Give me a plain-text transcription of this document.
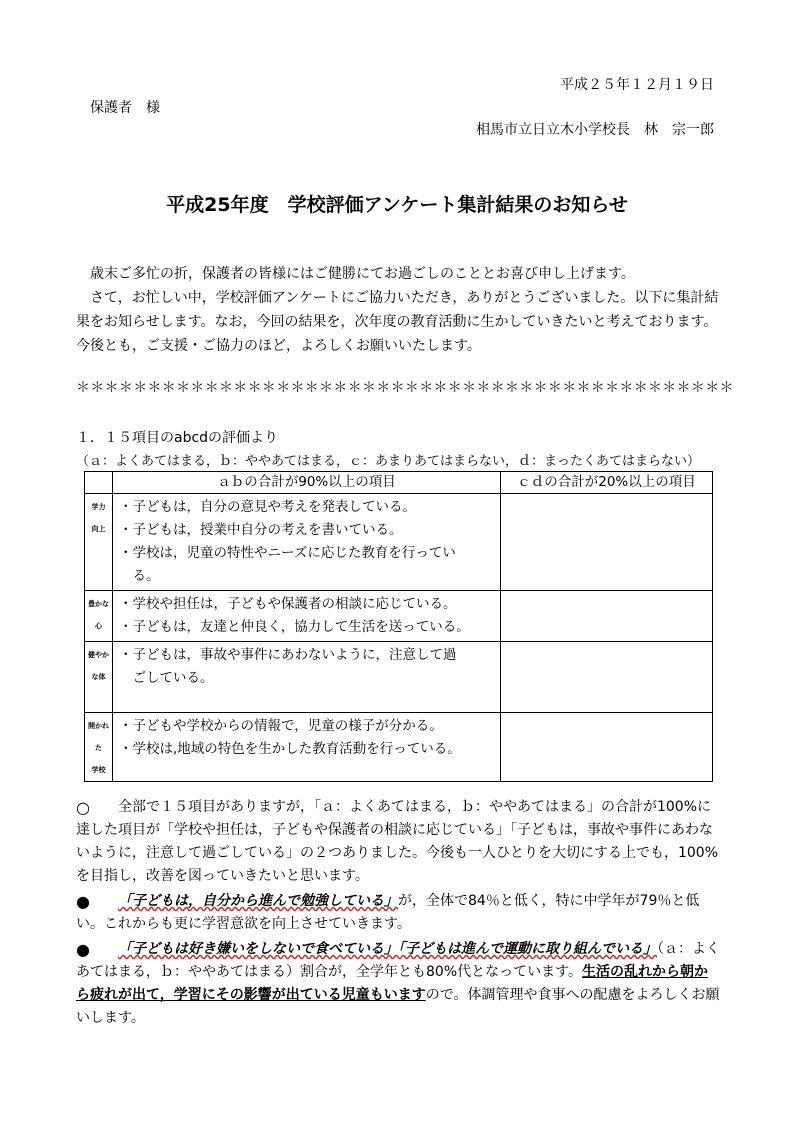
平成２５年１２月１９日
保護者　様
相馬市立日立木小学校長　林　宗一郎
平成25年度　学校評価アンケート集計結果のお知らせ
　歳末ご多忙の折，保護者の皆様にはご健勝にてお過ごしのこととお喜び申し上げます。
　さて，お忙しい中，学校評価アンケートにご協力いただき，ありがとうございました。以下に集計結果をお知らせします。なお，今回の結果を，次年度の教育活動に生かしていきたいと考えております。今後とも，ご支援・ご協力のほど，よろしくお願いいたします。
＊＊＊＊＊＊＊＊＊＊＊＊＊＊＊＊＊＊＊＊＊＊＊＊＊＊＊＊＊＊＊＊＊＊＊＊＊＊＊＊＊＊＊＊＊＊
１．１５項目のabcdの評価より
（ａ：よくあてはまる，ｂ：ややあてはまる，ｃ：あまりあてはまらない，ｄ：まったくあてはまらない）
	ａｂの合計が90%以上の項目	ｃｄの合計が20%以上の項目

学力
向上	・子どもは，自分の意見や考えを発表している。
・子どもは，授業中自分の考えを書いている。
・学校は，児童の特性やニーズに応じた教育を行ってい
　る。	

豊かな
心	・学校や担任は，子どもや保護者の相談に応じている。
・子どもは，友達と仲良く，協力して生活を送っている。	

健やか
な体	・子どもは，事故や事件にあわないように，注意して過
　ごしている。	

開かれた
学校	・子どもや学校からの情報で，児童の様子が分かる。
・学校は,地域の特色を生かした教育活動を行っている。	

○	全部で１５項目がありますが，「ａ：よくあてはまる，ｂ：ややあてはまる」の合計が100%に達した項目が「学校や担任は，子どもや保護者の相談に応じている」「子どもは，事故や事件にあわないように，注意して過ごしている」の２つありました。今後も一人ひとりを大切にする上でも，100%を目指し，改善を図っていきたいと思います。
●	「子どもは，自分から進んで勉強している」が，全体で84％と低く，特に中学年が79％と低い。これからも更に学習意欲を向上させていきます。
●	「子どもは好き嫌いをしないで食べている」「子どもは進んで運動に取り組んでいる」（ａ：よくあてはまる，ｂ：ややあてはまる）割合が，全学年とも80%代となっています。生活の乱れから朝から疲れが出て，学習にその影響が出ている児童もいますので。体調管理や食事への配慮をよろしくお願いします。
